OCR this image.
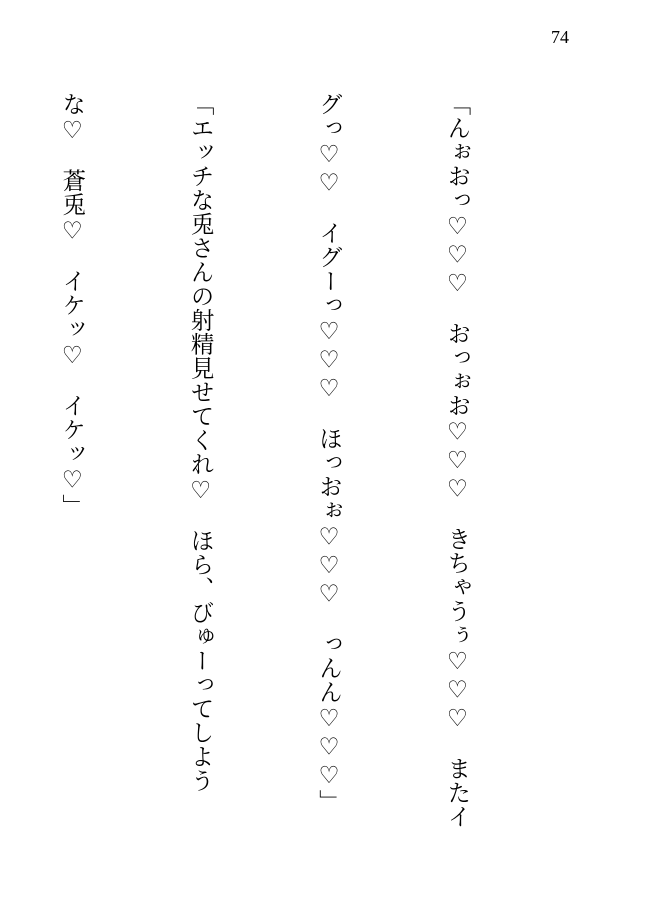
74

「んぉおっ♡♡♡　おっぉお♡♡♡　きちゃうぅ♡♡♡　またイ

グっ♡♡　イグーっ♡♡♡　ほっおぉ♡♡♡　っんん♡♡♡」

「エッチな兎さんの射精見せてくれ♡　ほら、びゅーってしよう

な♡　蒼兎♡　イケッ♡　イケッ♡」
